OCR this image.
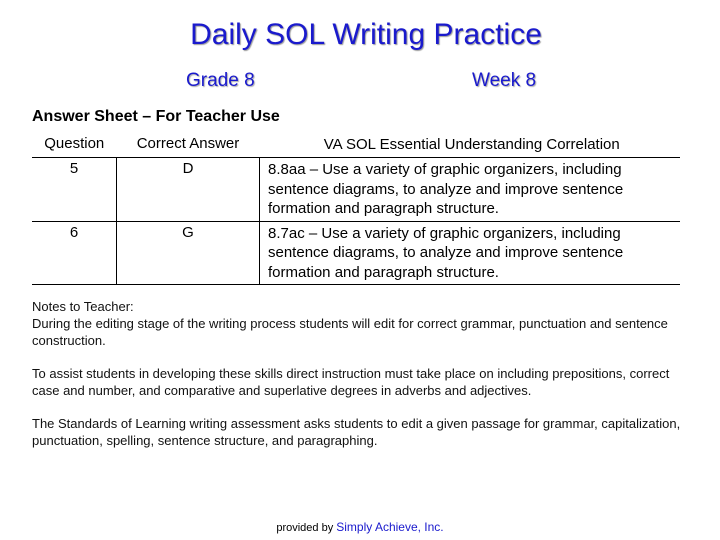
Daily SOL Writing Practice
Grade 8	Week 8
Answer Sheet – For Teacher Use
Question	Correct Answer	VA SOL Essential Understanding Correlation
5	D	8.8aa – Use a variety of graphic organizers, including sentence diagrams, to analyze and improve sentence formation and paragraph structure.
6	G	8.7ac – Use a variety of graphic organizers, including sentence diagrams, to analyze and improve sentence formation and paragraph structure.

Notes to Teacher:
During the editing stage of the writing process students will edit for correct grammar, punctuation and sentence construction.

To assist students in developing these skills direct instruction must take place on including prepositions, correct case and number, and comparative and superlative degrees in adverbs and adjectives.

The Standards of Learning writing assessment asks students to edit a given passage for grammar, capitalization, punctuation, spelling, sentence structure, and paragraphing.

provided by Simply Achieve, Inc.
